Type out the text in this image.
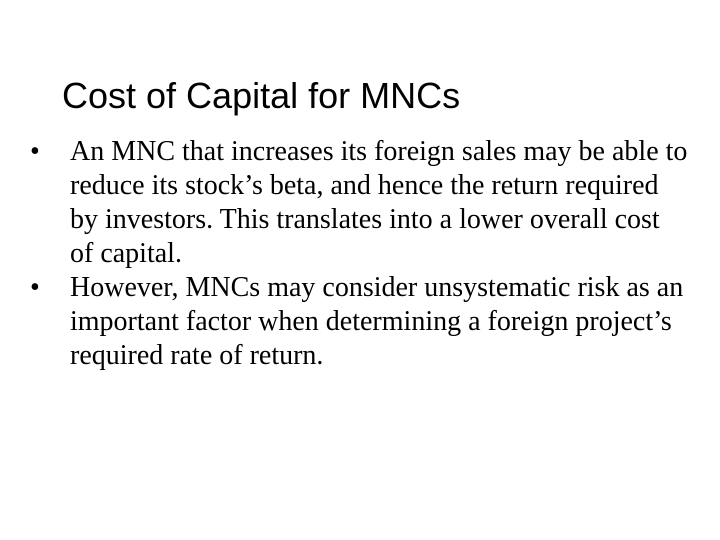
Cost of Capital for MNCs
•	An MNC that increases its foreign sales may be able to reduce its stock’s beta, and hence the return required by investors. This translates into a lower overall cost of capital.
•	However, MNCs may consider unsystematic risk as an important factor when determining a foreign project’s required rate of return.
